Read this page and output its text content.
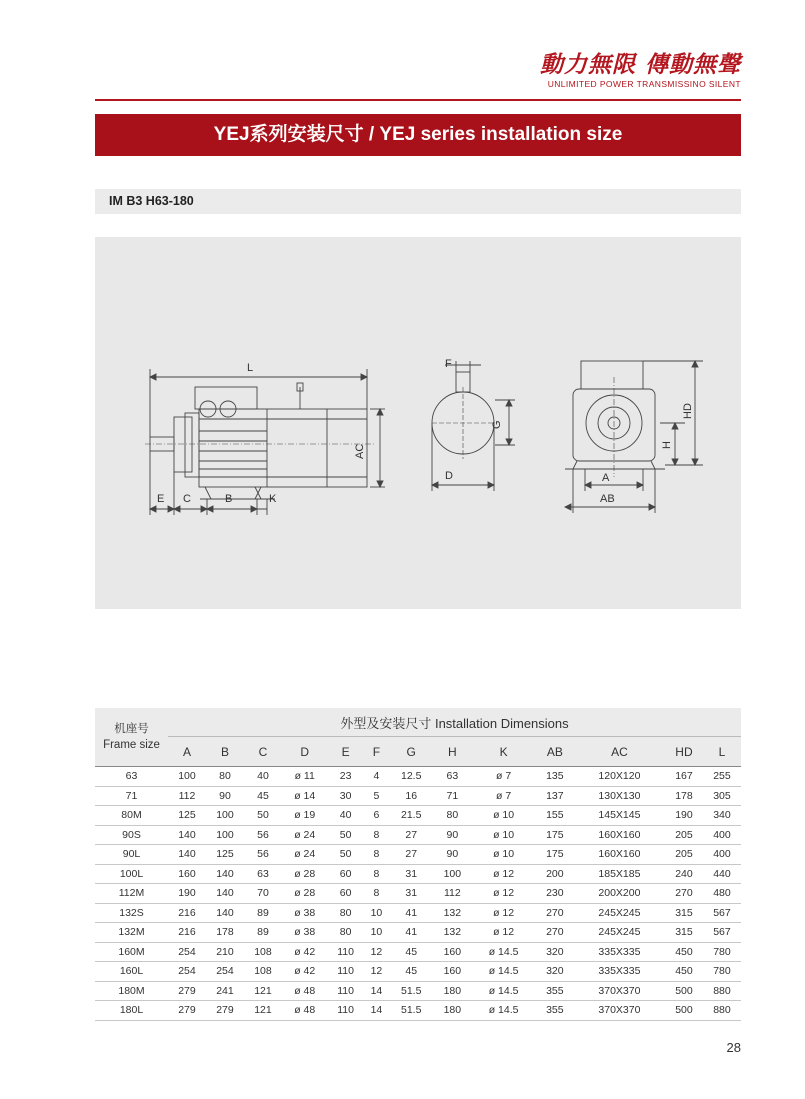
動力無限 傳動無聲
UNLIMITED POWER TRANSMISSINO SILENT
YEJ系列安装尺寸 / YEJ series installation size
IM B3 H63-180
L
AC
E C	B	K
F
G
D
HD
H
A
AB
机座号
Frame size	外型及安装尺寸 Installation Dimensions												
	A	B	C	D	E	F	G	H	K	AB	AC	HD	L
63	100	80	40	ø 11	23	4	12.5	63	ø 7	135	120X120	167	255
71	112	90	45	ø 14	30	5	16	71	ø 7	137	130X130	178	305
80M	125	100	50	ø 19	40	6	21.5	80	ø 10	155	145X145	190	340
90S	140	100	56	ø 24	50	8	27	90	ø 10	175	160X160	205	400
90L	140	125	56	ø 24	50	8	27	90	ø 10	175	160X160	205	400
100L	160	140	63	ø 28	60	8	31	100	ø 12	200	185X185	240	440
112M	190	140	70	ø 28	60	8	31	112	ø 12	230	200X200	270	480
132S	216	140	89	ø 38	80	10	41	132	ø 12	270	245X245	315	567
132M	216	178	89	ø 38	80	10	41	132	ø 12	270	245X245	315	567
160M	254	210	108	ø 42	110	12	45	160	ø 14.5	320	335X335	450	780
160L	254	254	108	ø 42	110	12	45	160	ø 14.5	320	335X335	450	780
180M	279	241	121	ø 48	110	14	51.5	180	ø 14.5	355	370X370	500	880
180L	279	279	121	ø 48	110	14	51.5	180	ø 14.5	355	370X370	500	880
28
